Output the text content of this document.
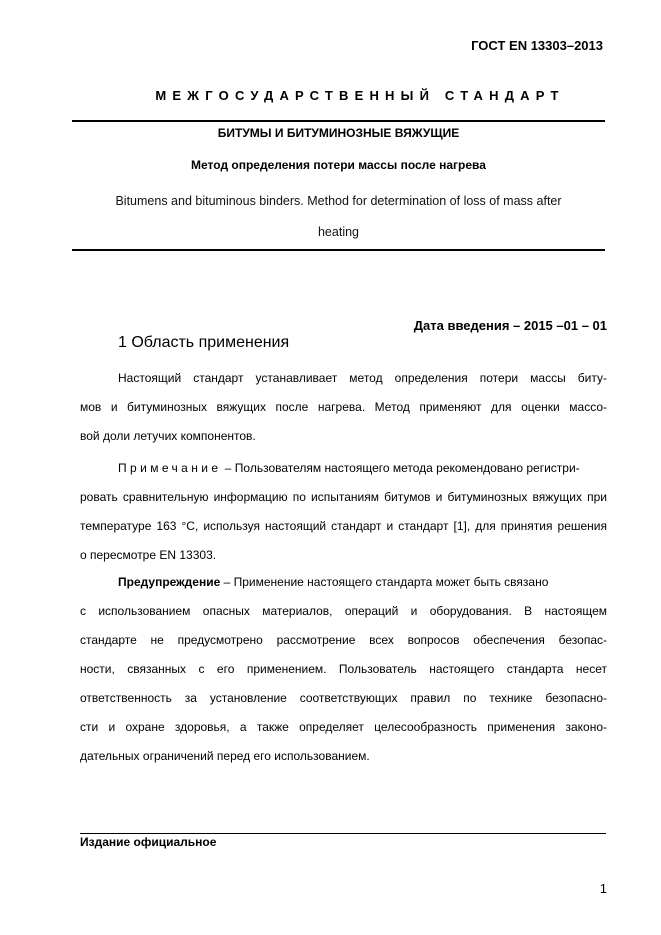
ГОСТ EN 13303–2013
МЕЖГОСУДАРСТВЕННЫЙ СТАНДАРТ
БИТУМЫ И БИТУМИНОЗНЫЕ ВЯЖУЩИЕ
Метод определения потери массы после нагрева
Bitumens and bituminous binders. Method for determination of loss of mass after
heating
Дата введения – 2015 –01 – 01
1 Область применения
Настоящий стандарт устанавливает метод определения потери массы биту-
мов и битуминозных вяжущих после нагрева. Метод применяют для оценки массо-
вой доли летучих компонентов.
Примечание – Пользователям настоящего метода рекомендовано регистри-
ровать сравнительную информацию по испытаниям битумов и битуминозных вяжущих при
температуре 163 °С, используя настоящий стандарт и стандарт [1], для принятия решения
о пересмотре EN 13303.
Предупреждение – Применение настоящего стандарта может быть связано
с использованием опасных материалов, операций и оборудования. В настоящем
стандарте не предусмотрено рассмотрение всех вопросов обеспечения безопас-
ности, связанных с его применением. Пользователь настоящего стандарта несет
ответственность за установление соответствующих правил по технике безопасно-
сти и охране здоровья, а также определяет целесообразность применения законо-
дательных ограничений перед его использованием.
Издание официальное
1
